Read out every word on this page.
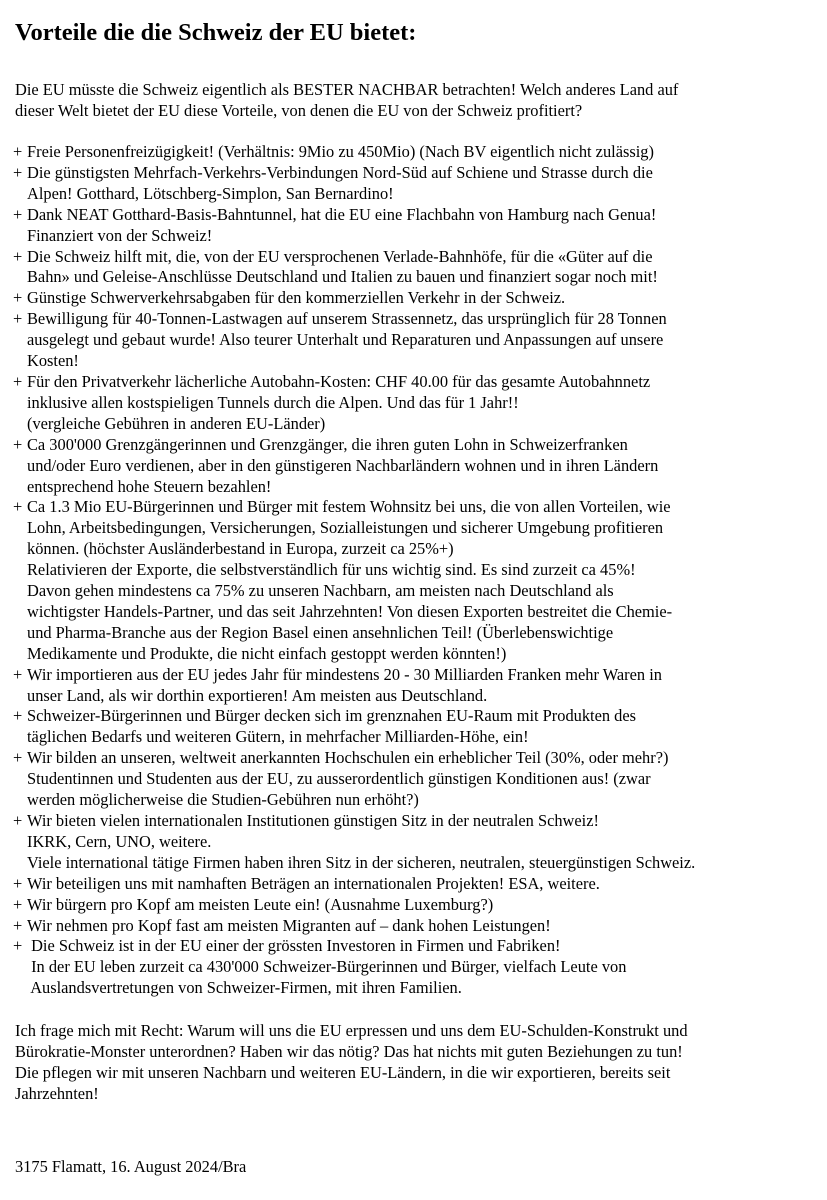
Vorteile die die Schweiz der EU bietet:
Die EU müsste die Schweiz eigentlich als BESTER NACHBAR betrachten! Welch anderes Land auf
dieser Welt bietet der EU diese Vorteile, von denen die EU von der Schweiz profitiert?
+ Freie Personenfreizügigkeit! (Verhältnis: 9Mio zu 450Mio) (Nach BV eigentlich nicht zulässig)
+ Die günstigsten Mehrfach-Verkehrs-Verbindungen Nord-Süd auf Schiene und Strasse durch die
Alpen! Gotthard, Lötschberg-Simplon, San Bernardino!
+ Dank NEAT Gotthard-Basis-Bahntunnel, hat die EU eine Flachbahn von Hamburg nach Genua!
Finanziert von der Schweiz!
+ Die Schweiz hilft mit, die, von der EU versprochenen Verlade-Bahnhöfe, für die «Güter auf die
Bahn» und Geleise-Anschlüsse Deutschland und Italien zu bauen und finanziert sogar noch mit!
+ Günstige Schwerverkehrsabgaben für den kommerziellen Verkehr in der Schweiz.
+ Bewilligung für 40-Tonnen-Lastwagen auf unserem Strassennetz, das ursprünglich für 28 Tonnen
ausgelegt und gebaut wurde! Also teurer Unterhalt und Reparaturen und Anpassungen auf unsere
Kosten!
+ Für den Privatverkehr lächerliche Autobahn-Kosten: CHF 40.00 für das gesamte Autobahnnetz
inklusive allen kostspieligen Tunnels durch die Alpen. Und das für 1 Jahr!!
(vergleiche Gebühren in anderen EU-Länder)
+ Ca 300'000 Grenzgängerinnen und Grenzgänger, die ihren guten Lohn in Schweizerfranken
und/oder Euro verdienen, aber in den günstigeren Nachbarländern wohnen und in ihren Ländern
entsprechend hohe Steuern bezahlen!
+ Ca 1.3 Mio EU-Bürgerinnen und Bürger mit festem Wohnsitz bei uns, die von allen Vorteilen, wie
Lohn, Arbeitsbedingungen, Versicherungen, Sozialleistungen und sicherer Umgebung profitieren
können. (höchster Ausländerbestand in Europa, zurzeit ca 25%+)
Relativieren der Exporte, die selbstverständlich für uns wichtig sind. Es sind zurzeit ca 45%!
Davon gehen mindestens ca 75% zu unseren Nachbarn, am meisten nach Deutschland als
wichtigster Handels-Partner, und das seit Jahrzehnten! Von diesen Exporten bestreitet die Chemie-
und Pharma-Branche aus der Region Basel einen ansehnlichen Teil! (Überlebenswichtige
Medikamente und Produkte, die nicht einfach gestoppt werden könnten!)
+ Wir importieren aus der EU jedes Jahr für mindestens 20 - 30 Milliarden Franken mehr Waren in
unser Land, als wir dorthin exportieren! Am meisten aus Deutschland.
+ Schweizer-Bürgerinnen und Bürger decken sich im grenznahen EU-Raum mit Produkten des
täglichen Bedarfs und weiteren Gütern, in mehrfacher Milliarden-Höhe, ein!
+ Wir bilden an unseren, weltweit anerkannten Hochschulen ein erheblicher Teil (30%, oder mehr?)
Studentinnen und Studenten aus der EU, zu ausserordentlich günstigen Konditionen aus! (zwar
werden möglicherweise die Studien-Gebühren nun erhöht?)
+ Wir bieten vielen internationalen Institutionen günstigen Sitz in der neutralen Schweiz!
IKRK, Cern, UNO, weitere.
Viele international tätige Firmen haben ihren Sitz in der sicheren, neutralen, steuergünstigen Schweiz.
+ Wir beteiligen uns mit namhaften Beträgen an internationalen Projekten! ESA, weitere.
+ Wir bürgern pro Kopf am meisten Leute ein! (Ausnahme Luxemburg?)
+ Wir nehmen pro Kopf fast am meisten Migranten auf – dank hohen Leistungen!
+ Die Schweiz ist in der EU einer der grössten Investoren in Firmen und Fabriken!
In der EU leben zurzeit ca 430'000 Schweizer-Bürgerinnen und Bürger, vielfach Leute von
Auslandsvertretungen von Schweizer-Firmen, mit ihren Familien.
Ich frage mich mit Recht: Warum will uns die EU erpressen und uns dem EU-Schulden-Konstrukt und
Bürokratie-Monster unterordnen? Haben wir das nötig? Das hat nichts mit guten Beziehungen zu tun!
Die pflegen wir mit unseren Nachbarn und weiteren EU-Ländern, in die wir exportieren, bereits seit
Jahrzehnten!
3175 Flamatt, 16. August 2024/Bra
